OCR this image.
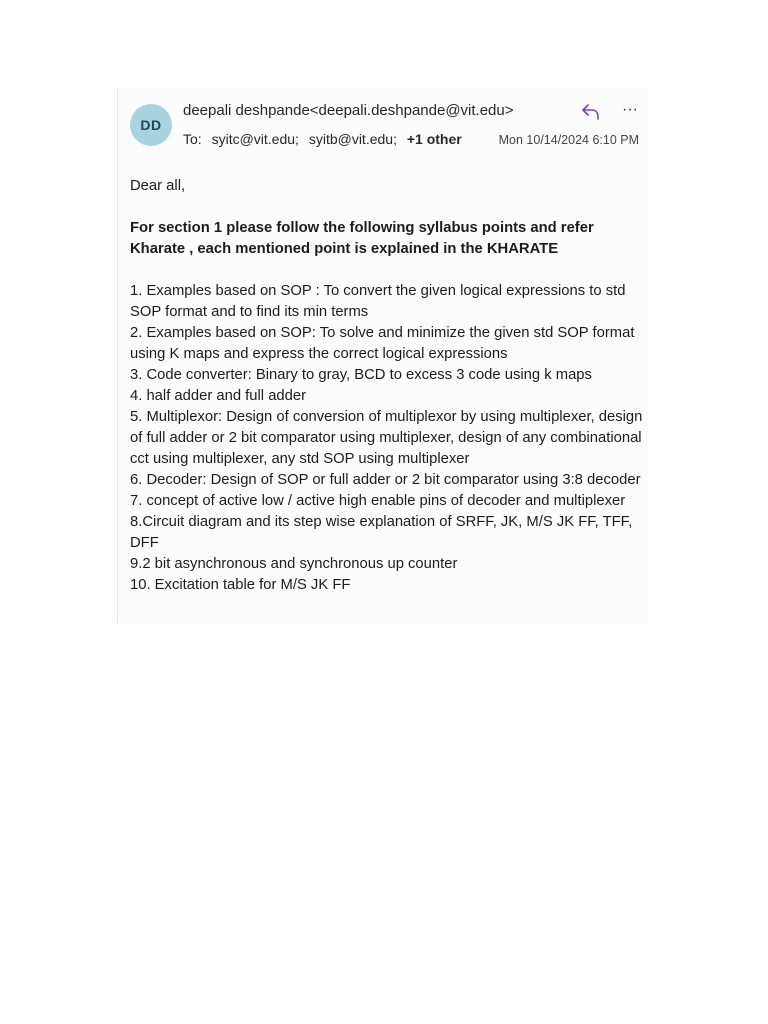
DD
deepali deshpande<deepali.deshpande@vit.edu>
To: syitc@vit.edu; syitb@vit.edu; +1 other	Mon 10/14/2024 6:10 PM
···

Dear all,

For section 1 please follow the following syllabus points and refer Kharate , each mentioned point is explained in the KHARATE

1. Examples based on SOP : To convert the given logical expressions to std SOP format and to find its min terms
2. Examples based on SOP: To solve and minimize the given std SOP format using K maps and express the correct logical expressions
3. Code converter: Binary to gray, BCD to excess 3 code using k maps
4. half adder and full adder
5. Multiplexor: Design of conversion of multiplexor by using multiplexer, design of full adder or 2 bit comparator using multiplexer, design of any combinational cct using multiplexer, any std SOP using multiplexer
6. Decoder: Design of SOP or full adder or 2 bit comparator using 3:8 decoder
7. concept of active low / active high enable pins of decoder and multiplexer
8.Circuit diagram and its step wise explanation of SRFF, JK, M/S JK FF, TFF, DFF
9.2 bit asynchronous and synchronous up counter
10. Excitation table for M/S JK FF
